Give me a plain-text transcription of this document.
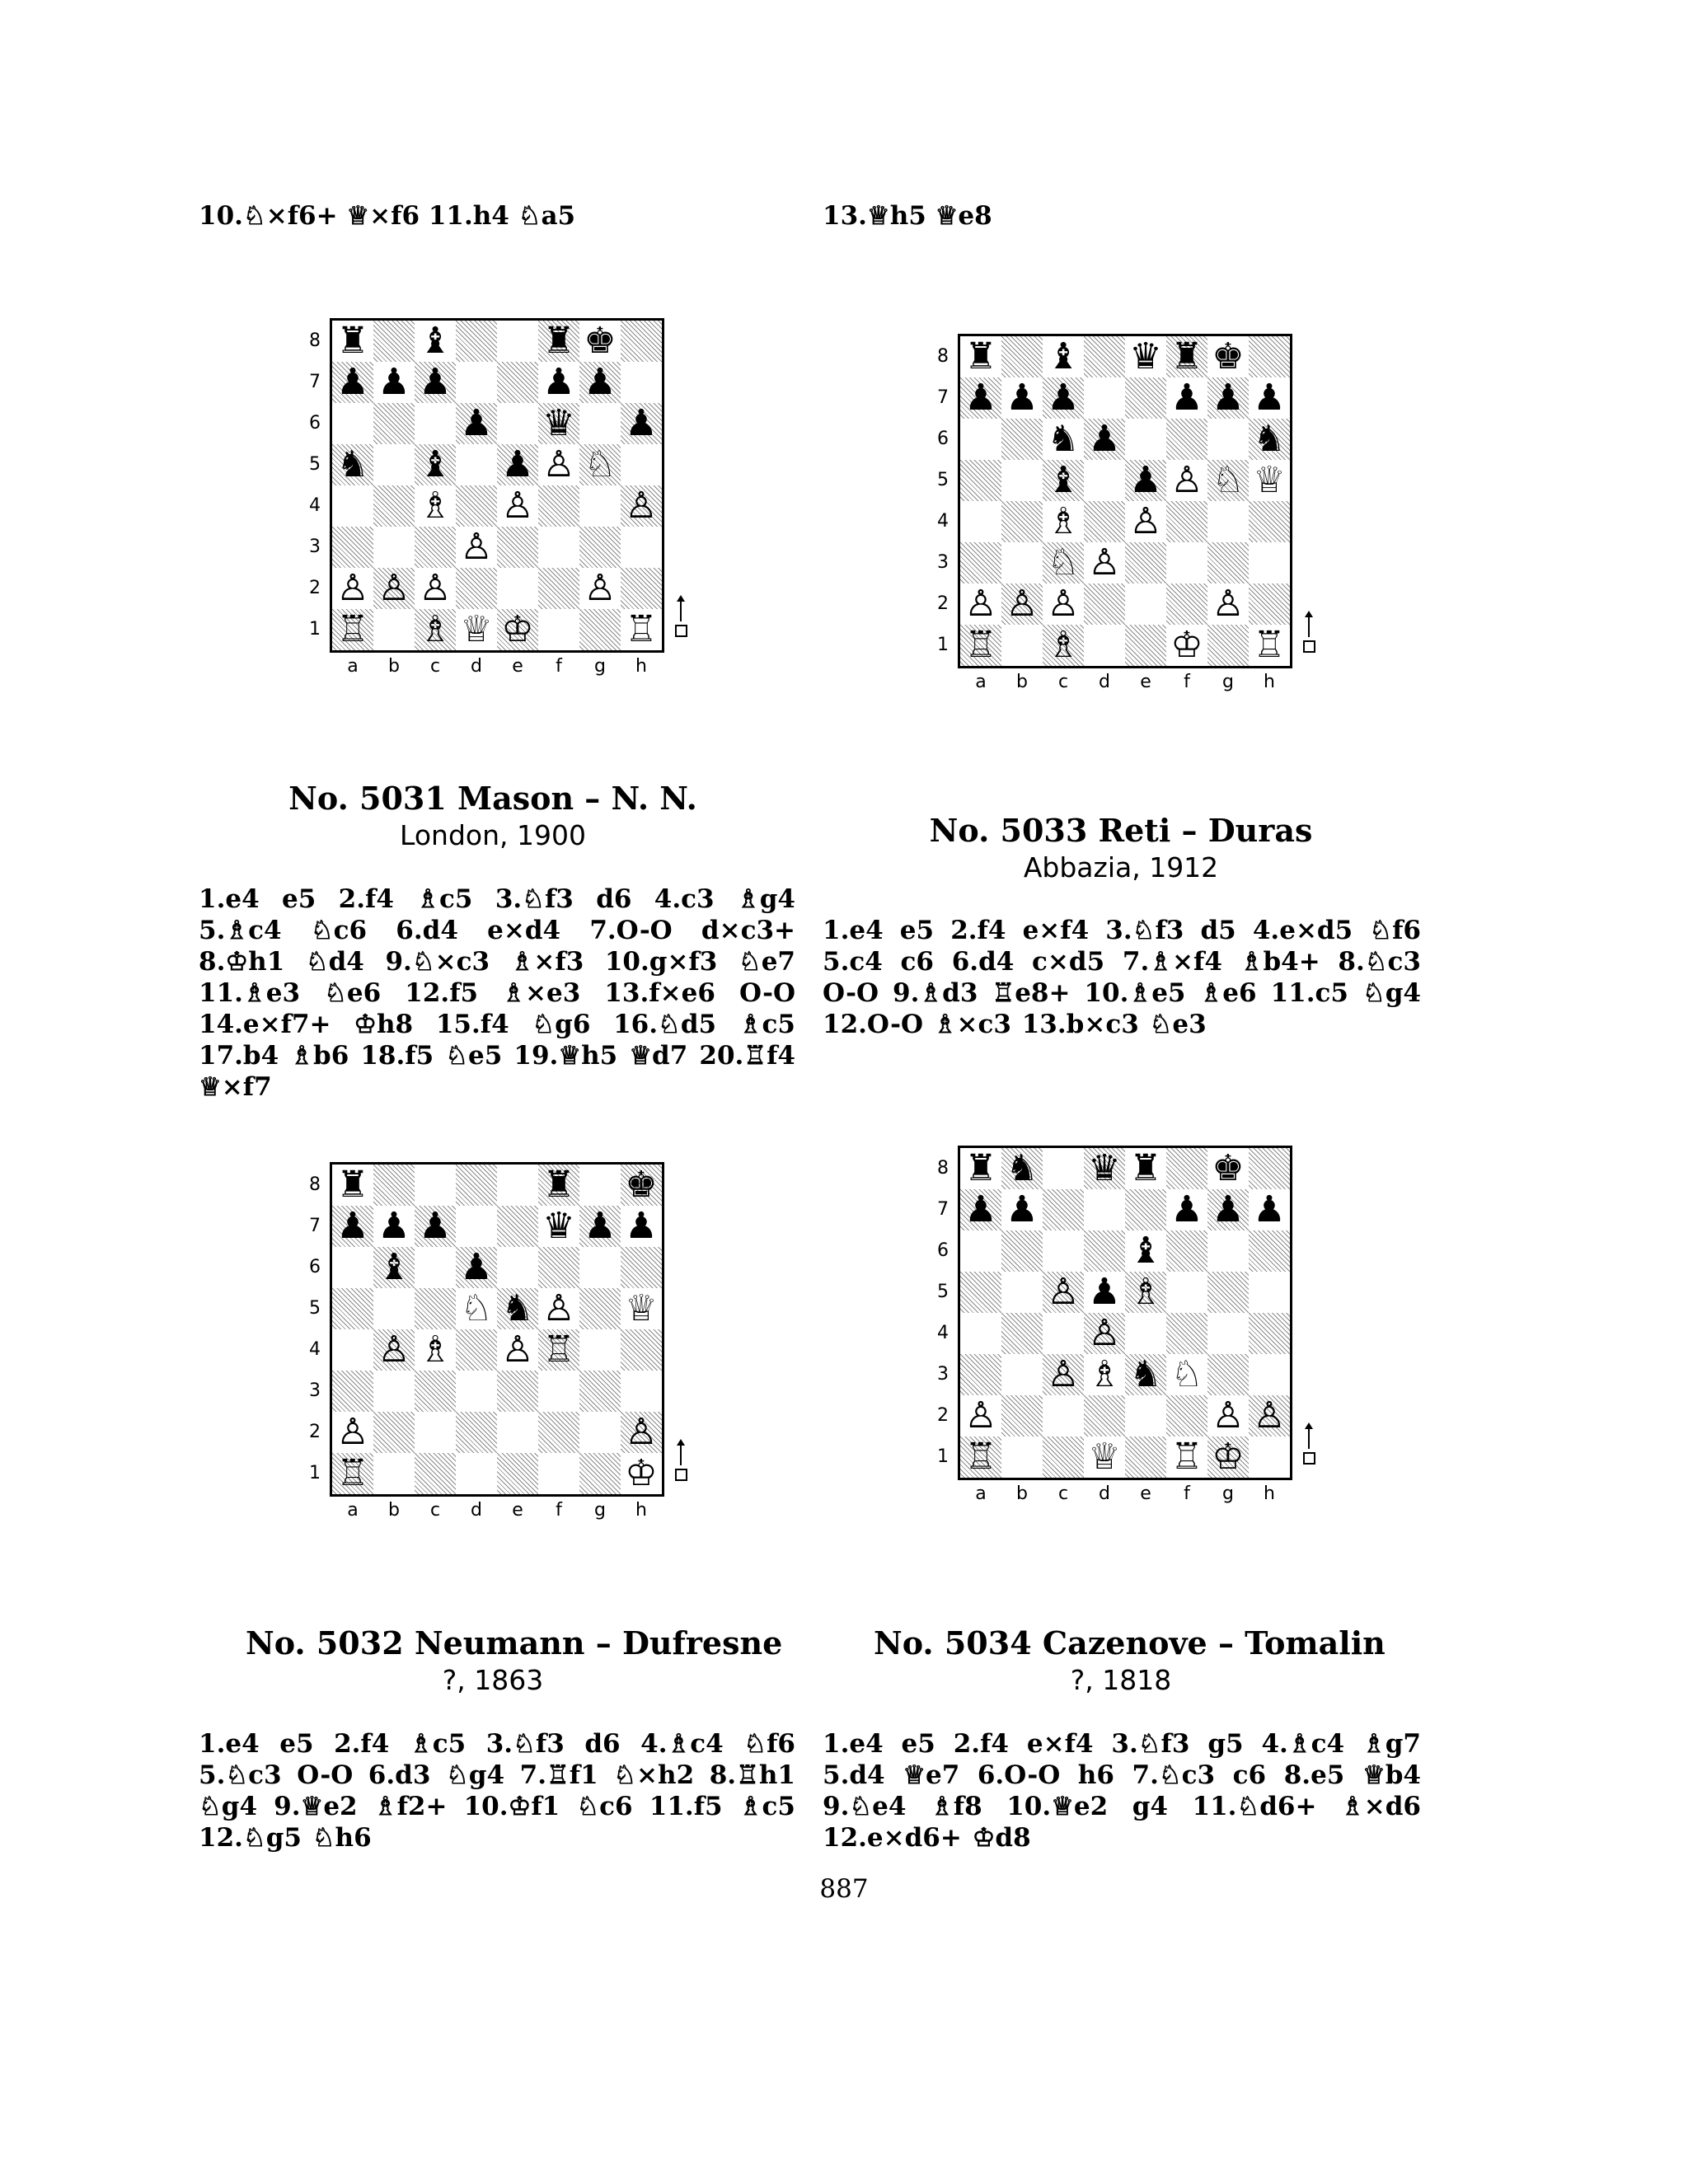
10.♘×f6+ ♕×f6 11.h4 ♘a5	13.♕h5 ♕e8
No. 5031 Mason – N. N.
London, 1900
1.e4 e5 2.f4 ♗c5 3.♘f3 d6 4.c3 ♗g4 5.♗c4 ♘c6 6.d4 e×d4 7.O-O d×c3+ 8.♔h1 ♘d4 9.♘×c3 ♗×f3 10.g×f3 ♘e7 11.♗e3 ♘e6 12.f5 ♗×e3 13.f×e6 O-O 14.e×f7+ ♔h8 15.f4 ♘g6 16.♘d5 ♗c5 17.b4 ♗b6 18.f5 ♘e5 19.♕h5 ♕d7 20.♖f4 ♕×f7
No. 5033 Reti – Duras
Abbazia, 1912
1.e4 e5 2.f4 e×f4 3.♘f3 d5 4.e×d5 ♘f6 5.c4 c6 6.d4 c×d5 7.♗×f4 ♗b4+ 8.♘c3 O-O 9.♗d3 ♖e8+ 10.♗e5 ♗e6 11.c5 ♘g4 12.O-O ♗×c3 13.b×c3 ♘e3
No. 5032 Neumann – Dufresne
?, 1863
1.e4 e5 2.f4 ♗c5 3.♘f3 d6 4.♗c4 ♘f6 5.♘c3 O-O 6.d3 ♘g4 7.♖f1 ♘×h2 8.♖h1 ♘g4 9.♕e2 ♗f2+ 10.♔f1 ♘c6 11.f5 ♗c5 12.♘g5 ♘h6
No. 5034 Cazenove – Tomalin
?, 1818
1.e4 e5 2.f4 e×f4 3.♘f3 g5 4.♗c4 ♗g7 5.d4 ♕e7 6.O-O h6 7.♘c3 c6 8.e5 ♕b4 9.♘e4 ♗f8 10.♕e2 g4 11.♘d6+ ♗×d6 12.e×d6+ ♔d8
887
♜ ♝	♜ ♚
♟ ♟ ♟	♟ ♟
♟ ♛ ♟
♞ ♝ ♟ ♙ ♘
♗ ♙	♙
♙
♙ ♙ ♙	♙
♖ ♗ ♕ ♔	♖
8
7
6
5
4
3
2
1
a	b	c	d	e	f	g	h
♜ ♝ ♛ ♜ ♚
♟ ♟ ♟	♟ ♟ ♟
♞ ♟	♞
♝ ♟ ♙ ♘ ♕
♗ ♙
♘ ♙
♙ ♙ ♙	♙
♖ ♗	♔ ♖
8
7
6
5
4
3
2
1
a	b	c	d	e	f	g	h
♜	♜ ♚
♟ ♟ ♟	♛ ♟ ♟
♝ ♟
♘ ♞ ♙ ♕
♙ ♗ ♙ ♖
♙	♙
♖	♔
8
7
6
5
4
3
2
1
a	b	c	d	e	f	g	h
♜ ♞ ♛ ♜ ♚
♟ ♟	♟ ♟ ♟
♝
♙ ♟ ♗
♙
♙ ♗ ♞ ♘
♙	♙ ♙
♖	♕ ♖ ♔
8
7
6
5
4
3
2
1
a	b	c	d	e	f	g	h
